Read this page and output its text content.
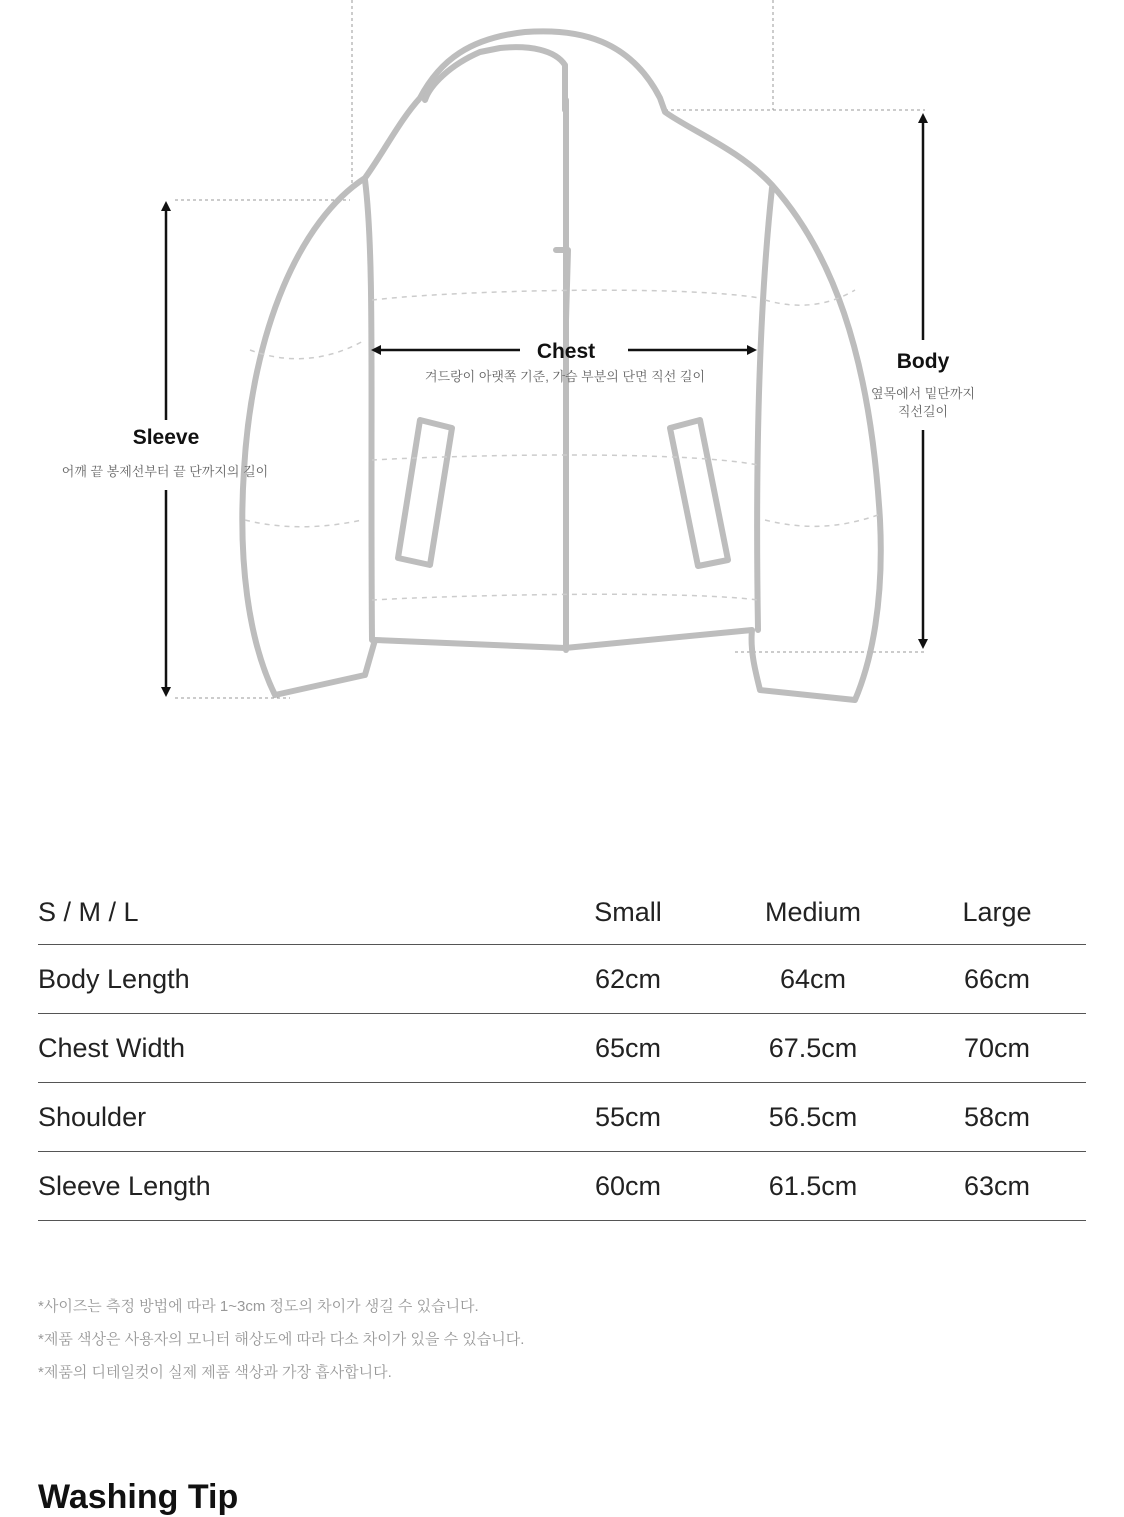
Chest
겨드랑이 아랫쪽 기준, 가슴 부분의 단면 직선 길이
Body
옆목에서 밑단까지
직선길이
Sleeve
어깨 끝 봉제선부터 끝 단까지의 길이
S / M / L	Small	Medium	Large
Body Length	62cm	64cm	66cm
Chest Width	65cm	67.5cm	70cm
Shoulder	55cm	56.5cm	58cm
Sleeve Length	60cm	61.5cm	63cm
*사이즈는 측정 방법에 따라 1~3cm 정도의 차이가 생길 수 있습니다.
*제품 색상은 사용자의 모니터 해상도에 따라 다소 차이가 있을 수 있습니다.
*제품의 디테일컷이 실제 제품 색상과 가장 흡사합니다.
Washing Tip
